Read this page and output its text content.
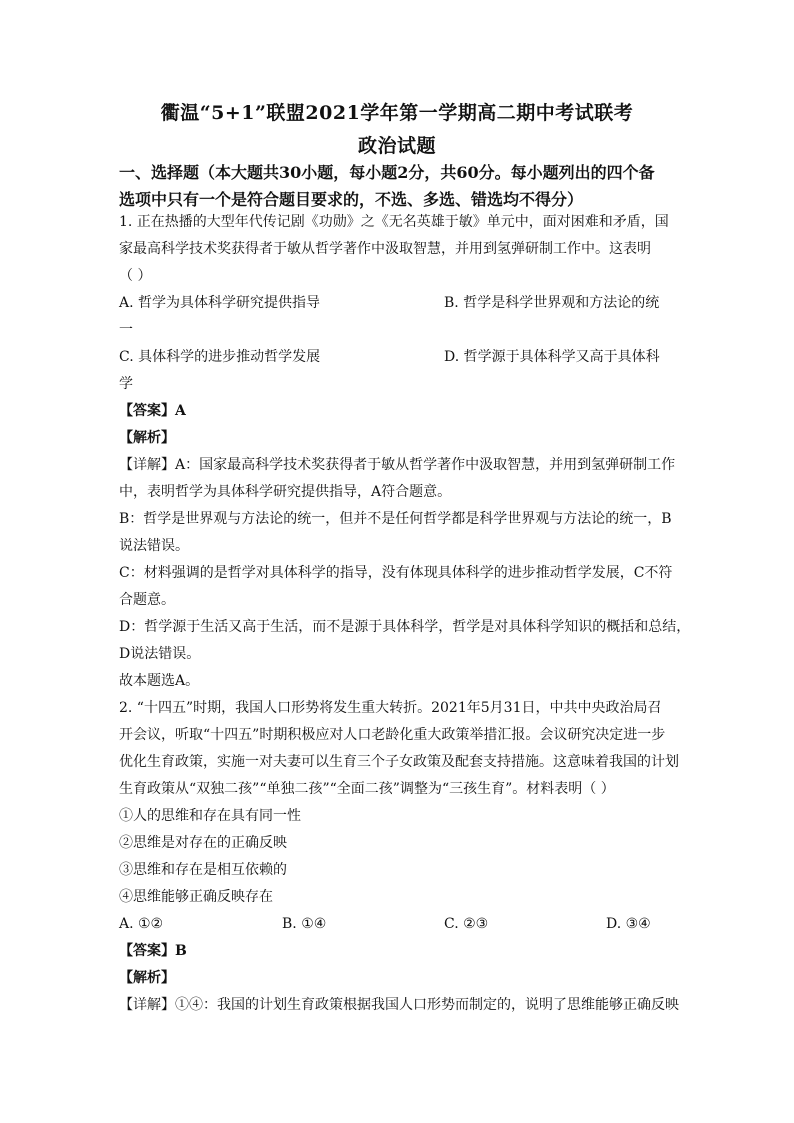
衢温“5+1”联盟2021学年第一学期高二期中考试联考
政治试题
一、选择题（本大题共30小题，每小题2分，共60分。每小题列出的四个备
选项中只有一个是符合题目要求的，不选、多选、错选均不得分）
1. 正在热播的大型年代传记剧《功勋》之《无名英雄于敏》单元中，面对困难和矛盾，国
家最高科学技术奖获得者于敏从哲学著作中汲取智慧，并用到氢弹研制工作中。这表明
（ ）
A. 哲学为具体科学研究提供指导	B. 哲学是科学世界观和方法论的统
一
C. 具体科学的进步推动哲学发展	D. 哲学源于具体科学又高于具体科
学
【答案】A
【解析】
【详解】A：国家最高科学技术奖获得者于敏从哲学著作中汲取智慧，并用到氢弹研制工作
中，表明哲学为具体科学研究提供指导，A符合题意。
B：哲学是世界观与方法论的统一，但并不是任何哲学都是科学世界观与方法论的统一，B
说法错误。
C：材料强调的是哲学对具体科学的指导，没有体现具体科学的进步推动哲学发展，C不符
合题意。
D：哲学源于生活又高于生活，而不是源于具体科学，哲学是对具体科学知识的概括和总结，
D说法错误。
故本题选A。
2. “十四五”时期，我国人口形势将发生重大转折。2021年5月31日，中共中央政治局召
开会议，听取“十四五”时期积极应对人口老龄化重大政策举措汇报。会议研究决定进一步
优化生育政策，实施一对夫妻可以生育三个子女政策及配套支持措施。这意味着我国的计划
生育政策从“双独二孩”“单独二孩”“全面二孩”调整为“三孩生育”。材料表明（ ）
①人的思维和存在具有同一性
②思维是对存在的正确反映
③思维和存在是相互依赖的
④思维能够正确反映存在
A. ①②	B. ①④	C. ②③	D. ③④
【答案】B
【解析】
【详解】①④：我国的计划生育政策根据我国人口形势而制定的，说明了思维能够正确反映
